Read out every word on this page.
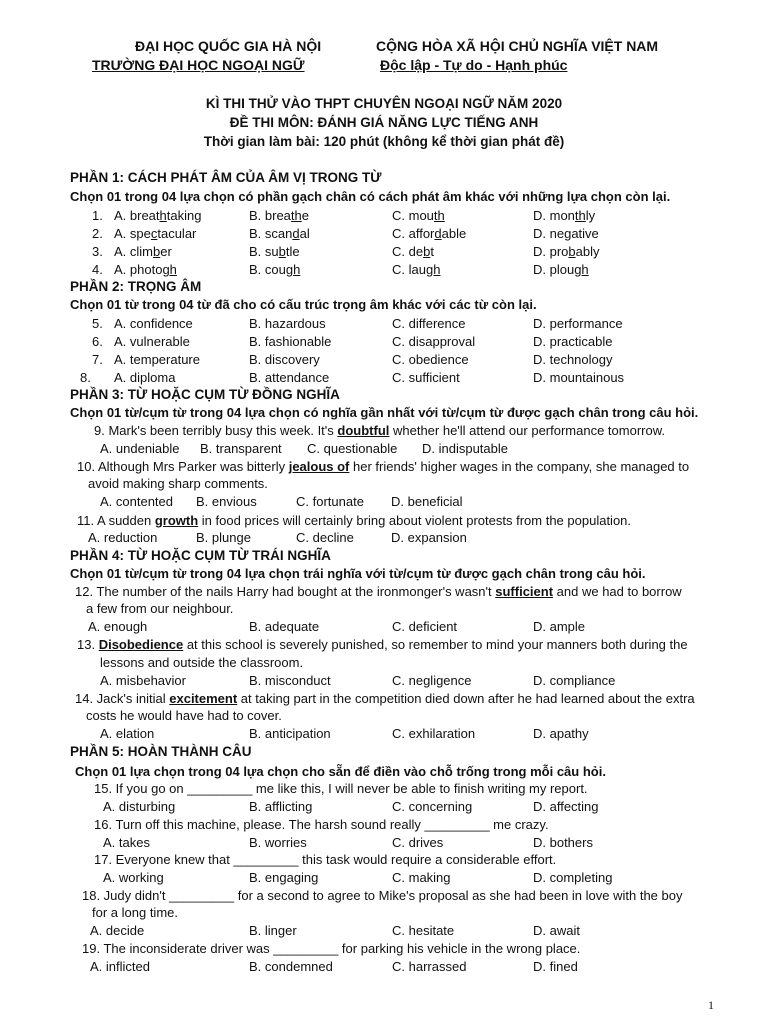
ĐẠI HỌC QUỐC GIA HÀ NỘI
TRƯỜNG ĐẠI HỌC NGOẠI NGỮ
CỘNG HÒA XÃ HỘI CHỦ NGHĨA VIỆT NAM
Độc lập - Tự do - Hạnh phúc
KÌ THI THỬ VÀO THPT CHUYÊN NGOẠI NGỮ NĂM 2020
ĐỀ THI MÔN: ĐÁNH GIÁ NĂNG LỰC TIẾNG ANH
Thời gian làm bài: 120 phút (không kể thời gian phát đề)
PHẦN 1: CÁCH PHÁT ÂM CỦA ÂM VỊ TRONG TỪ
Chọn 01 trong 04 lựa chọn có phần gạch chân có cách phát âm khác với những lựa chọn còn lại.
1. A. breathtaking	B. breathe	C. mouth	D. monthly
2. A. spectacular	B. scandal	C. affordable	D. negative
3. A. climber	B. subtle	C. debt	D. probably
4. A. photogh	B. cough	C. laugh	D. plough
PHẦN 2: TRỌNG ÂM
Chọn 01 từ trong 04 từ đã cho có cấu trúc trọng âm khác với các từ còn lại.
5. A. confidence	B. hazardous	C. difference	D. performance
6. A. vulnerable	B. fashionable	C. disapproval	D. practicable
7. A. temperature	B. discovery	C. obedience	D. technology
8. A. diploma	B. attendance	C. sufficient	D. mountainous
PHẦN 3: TỪ HOẶC CỤM TỪ ĐỒNG NGHĨA
Chọn 01 từ/cụm từ trong 04 lựa chọn có nghĩa gần nhất với từ/cụm từ được gạch chân trong câu hỏi.
9. Mark's been terribly busy this week. It's doubtful whether he'll attend our performance tomorrow.
A. undeniable B. transparent C. questionable D. indisputable
10. Although Mrs Parker was bitterly jealous of her friends' higher wages in the company, she managed to
avoid making sharp comments.
A. contented B. envious	C. fortunate D. beneficial
11. A sudden growth in food prices will certainly bring about violent protests from the population.
A. reduction	B. plunge	C. decline	D. expansion
PHẦN 4: TỪ HOẶC CỤM TỪ TRÁI NGHĨA
Chọn 01 từ/cụm từ trong 04 lựa chọn trái nghĩa với từ/cụm từ được gạch chân trong câu hỏi.
12. The number of the nails Harry had bought at the ironmonger's wasn't sufficient and we had to borrow
a few from our neighbour.
A. enough	B. adequate	C. deficient	D. ample
13. Disobedience at this school is severely punished, so remember to mind your manners both during the
lessons and outside the classroom.
A. misbehavior	B. misconduct	C. negligence	D. compliance
14. Jack's initial excitement at taking part in the competition died down after he had learned about the extra
costs he would have had to cover.
A. elation	B. anticipation	C. exhilaration	D. apathy
PHẦN 5: HOÀN THÀNH CÂU
Chọn 01 lựa chọn trong 04 lựa chọn cho sẵn để điền vào chỗ trống trong mỗi câu hỏi.
15. If you go on _________ me like this, I will never be able to finish writing my report.
A. disturbing	B. afflicting	C. concerning	D. affecting
16. Turn off this machine, please. The harsh sound really _________ me crazy.
A. takes	B. worries	C. drives	D. bothers
17. Everyone knew that _________ this task would require a considerable effort.
A. working	B. engaging	C. making	D. completing
18. Judy didn't _________ for a second to agree to Mike's proposal as she had been in love with the boy
for a long time.
A. decide	B. linger	C. hesitate	D. await
19. The inconsiderate driver was _________ for parking his vehicle in the wrong place.
A. inflicted	B. condemned	C. harrassed	D. fined
1
